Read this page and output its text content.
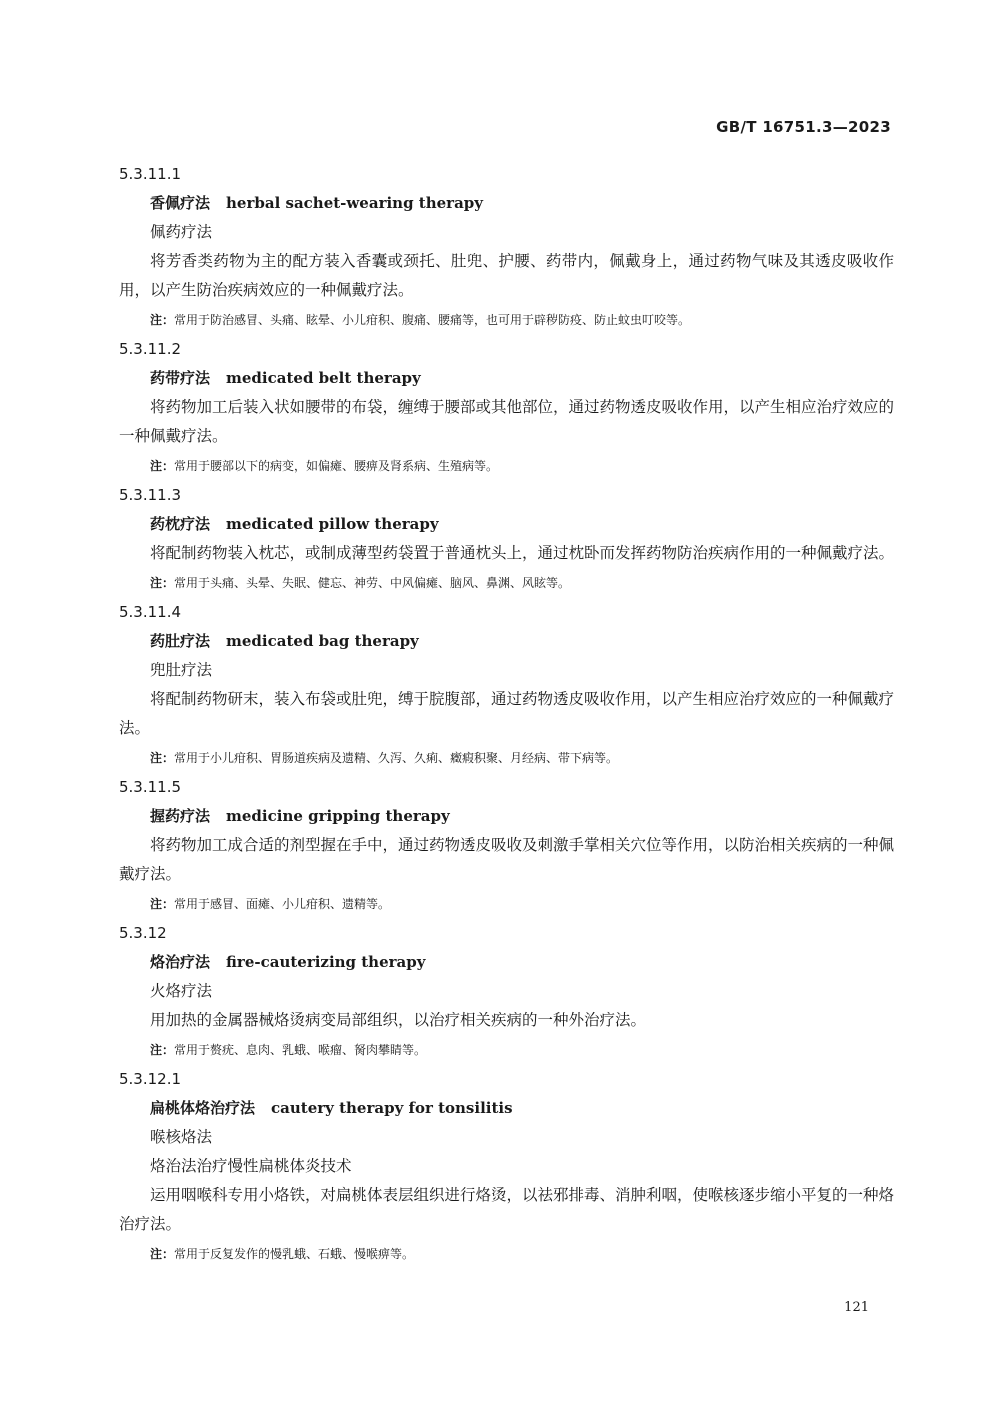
GB/T 16751.3—2023
5.3.11.1
香佩疗法 herbal sachet-wearing therapy
佩药疗法

将芳香类药物为主的配方装入香囊或颈托、肚兜、护腰、药带内，佩戴身上，通过药物气味及其透皮吸收作用，以产生防治疾病效应的一种佩戴疗法。

注：常用于防治感冒、头痛、眩晕、小儿疳积、腹痛、腰痛等，也可用于辟秽防疫、防止蚊虫叮咬等。
5.3.11.2
药带疗法 medicated belt therapy

将药物加工后装入状如腰带的布袋，缠缚于腰部或其他部位，通过药物透皮吸收作用，以产生相应治疗效应的一种佩戴疗法。

注：常用于腰部以下的病变，如偏瘫、腰痹及肾系病、生殖病等。
5.3.11.3
药枕疗法 medicated pillow therapy

将配制药物装入枕芯，或制成薄型药袋置于普通枕头上，通过枕卧而发挥药物防治疾病作用的一种佩戴疗法。

注：常用于头痛、头晕、失眠、健忘、神劳、中风偏瘫、脑风、鼻渊、风眩等。
5.3.11.4
药肚疗法 medicated bag therapy
兜肚疗法

将配制药物研末，装入布袋或肚兜，缚于脘腹部，通过药物透皮吸收作用，以产生相应治疗效应的一种佩戴疗法。

注：常用于小儿疳积、胃肠道疾病及遗精、久泻、久痢、癥瘕积聚、月经病、带下病等。
5.3.11.5
握药疗法 medicine gripping therapy

将药物加工成合适的剂型握在手中，通过药物透皮吸收及刺激手掌相关穴位等作用，以防治相关疾病的一种佩戴疗法。

注：常用于感冒、面瘫、小儿疳积、遗精等。
5.3.12
烙治疗法 fire-cauterizing therapy
火烙疗法

用加热的金属器械烙烫病变局部组织，以治疗相关疾病的一种外治疗法。

注：常用于赘疣、息肉、乳蛾、喉瘤、胬肉攀睛等。
5.3.12.1
扁桃体烙治疗法 cautery therapy for tonsilitis
喉核烙法
烙治法治疗慢性扁桃体炎技术

运用咽喉科专用小烙铁，对扁桃体表层组织进行烙烫，以祛邪排毒、消肿利咽，使喉核逐步缩小平复的一种烙治疗法。

注：常用于反复发作的慢乳蛾、石蛾、慢喉痹等。
121
